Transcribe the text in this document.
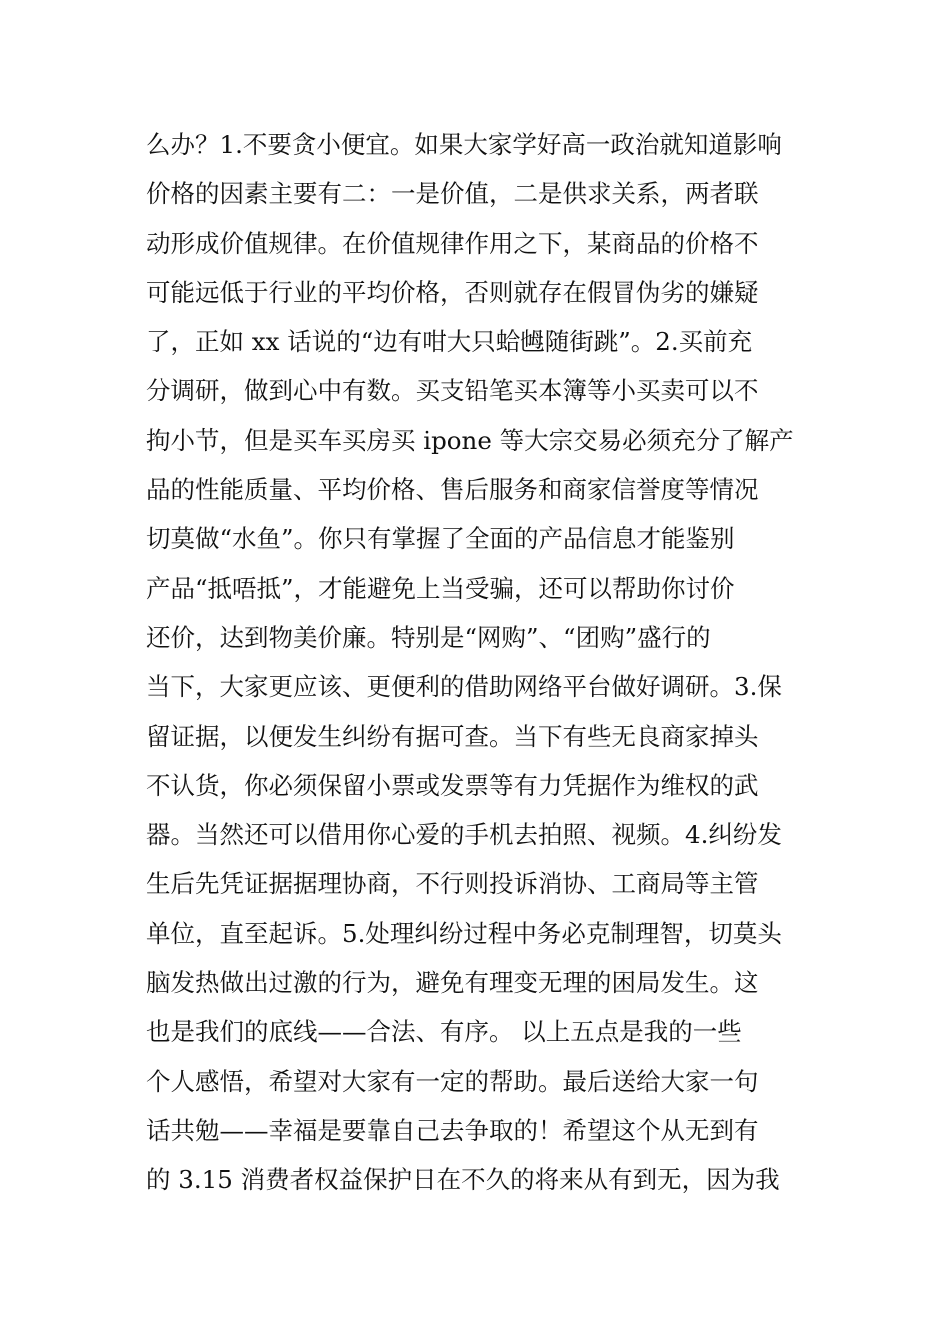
么办？1.不要贪小便宜。如果大家学好高一政治就知道影响
价格的因素主要有二：一是价值，二是供求关系，两者联
动形成价值规律。在价值规律作用之下，某商品的价格不
可能远低于行业的平均价格，否则就存在假冒伪劣的嫌疑
了，正如 xx 话说的“边有咁大只蛤乸随街跳”。2.买前充
分调研，做到心中有数。买支铅笔买本簿等小买卖可以不
拘小节，但是买车买房买 ipone 等大宗交易必须充分了解产
品的性能质量、平均价格、售后服务和商家信誉度等情况
切莫做“水鱼”。你只有掌握了全面的产品信息才能鉴别
产品“抵唔抵”，才能避免上当受骗，还可以帮助你讨价
还价，达到物美价廉。特别是“网购”、“团购”盛行的
当下，大家更应该、更便利的借助网络平台做好调研。3.保
留证据，以便发生纠纷有据可查。当下有些无良商家掉头
不认货，你必须保留小票或发票等有力凭据作为维权的武
器。当然还可以借用你心爱的手机去拍照、视频。4.纠纷发
生后先凭证据据理协商，不行则投诉消协、工商局等主管
单位，直至起诉。5.处理纠纷过程中务必克制理智，切莫头
脑发热做出过激的行为，避免有理变无理的困局发生。这
也是我们的底线——合法、有序。 以上五点是我的一些
个人感悟，希望对大家有一定的帮助。最后送给大家一句
话共勉——幸福是要靠自己去争取的！希望这个从无到有
的 3.15 消费者权益保护日在不久的将来从有到无，因为我
